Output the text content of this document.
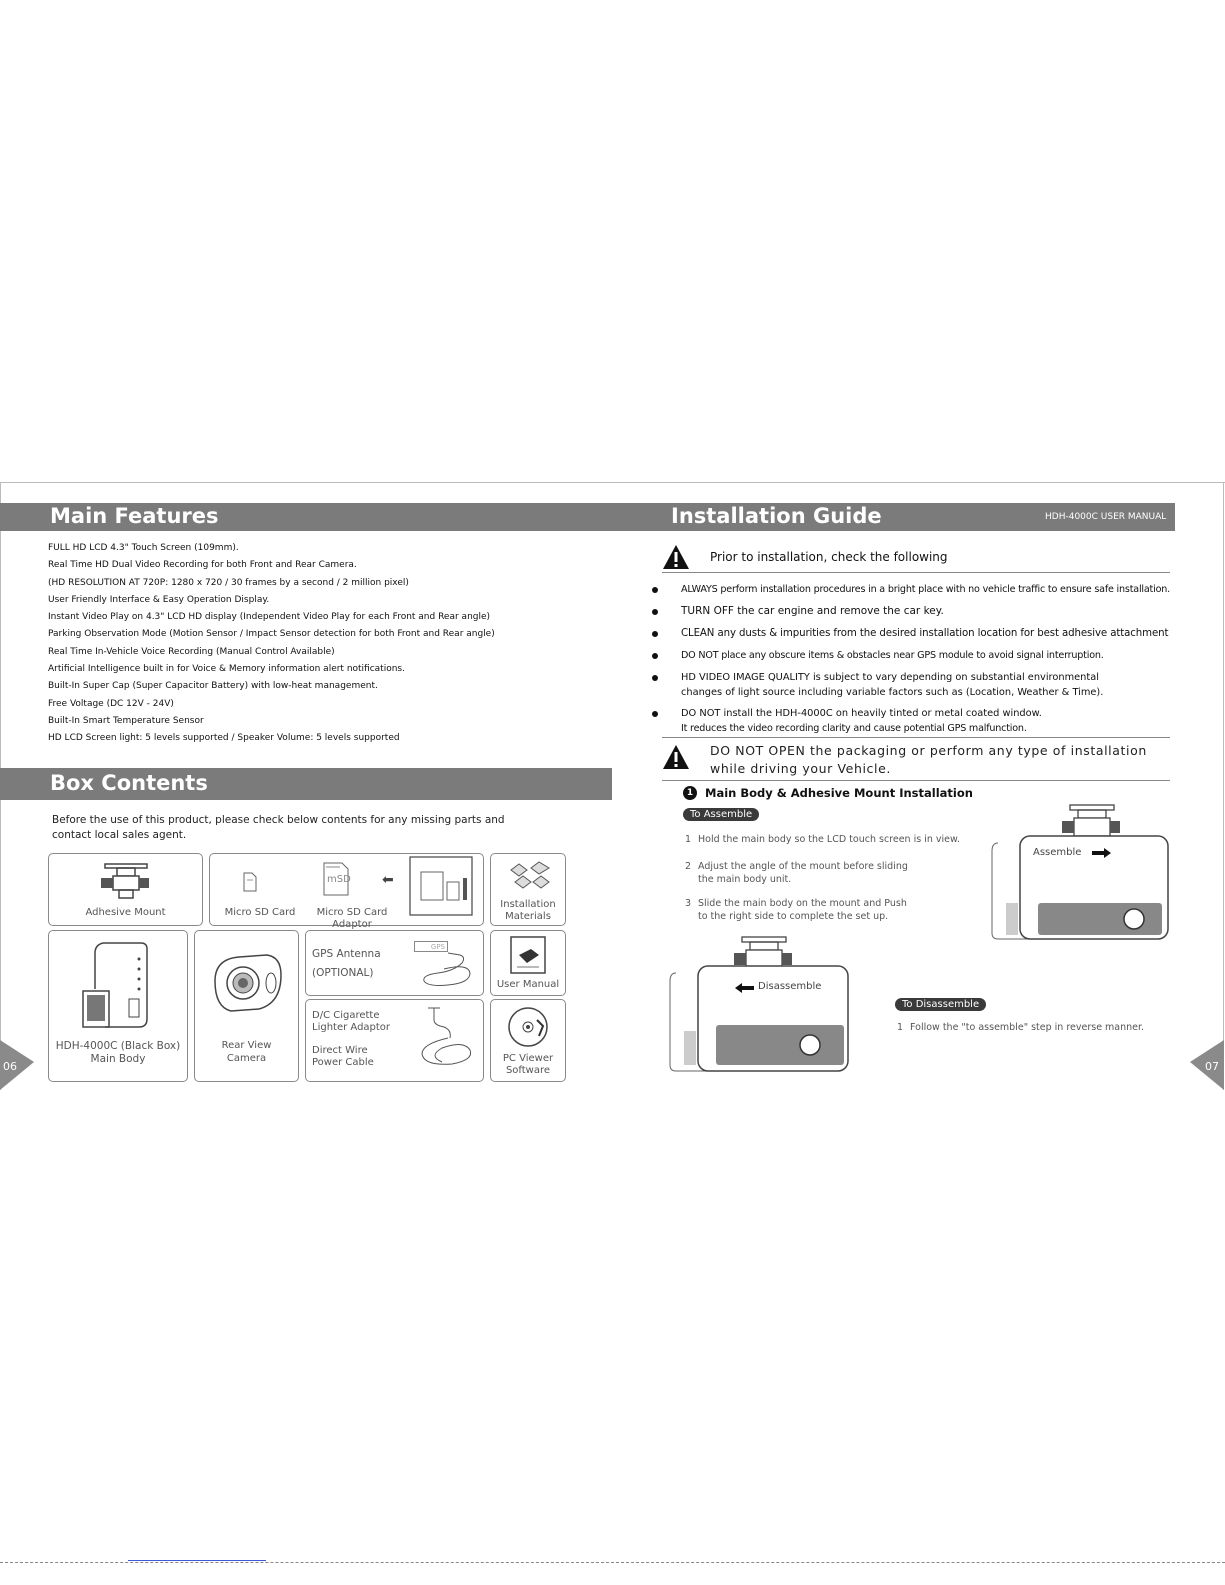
Main Features
FULL HD LCD 4.3" Touch Screen (109mm).
Real Time HD Dual Video Recording for both Front and Rear Camera.
(HD RESOLUTION AT 720P: 1280 x 720 / 30 frames by a second / 2 million pixel)
User Friendly Interface & Easy Operation Display.
Instant Video Play on 4.3" LCD HD display (Independent Video Play for each Front and Rear angle)
Parking Observation Mode (Motion Sensor / Impact Sensor detection for both Front and Rear angle)
Real Time In-Vehicle Voice Recording (Manual Control Available)
Artificial Intelligence built in for Voice & Memory information alert notifications.
Built-In Super Cap (Super Capacitor Battery) with low-heat management.
Free Voltage (DC 12V - 24V)
Built-In Smart Temperature Sensor
HD LCD Screen light: 5 levels supported / Speaker Volume: 5 levels supported
Box Contents
Before the use of this product, please check below contents for any missing parts and
contact local sales agent.
Adhesive Mount
mSD ⬅
Micro SD Card	Micro SD Card Adaptor
Installation
Materials
HDH-4000C (Black Box)
Main Body
Rear View
Camera
GPS Antenna
(OPTIONAL)
GPS
User Manual
D/C Cigarette
Lighter Adaptor
Direct Wire
Power Cable	PC Viewer
Software
06
Installation Guide	HDH-4000C USER MANUAL
Prior to installation, check the following
ALWAYS perform installation procedures in a bright place with no vehicle traffic to ensure safe installation.
TURN OFF the car engine and remove the car key.
CLEAN any dusts & impurities from the desired installation location for best adhesive attachment
DO NOT place any obscure items & obstacles near GPS module to avoid signal interruption.
HD VIDEO IMAGE QUALITY is subject to vary depending on substantial environmental
changes of light source including variable factors such as (Location, Weather & Time).
DO NOT install the HDH-4000C on heavily tinted or metal coated window.
It reduces the video recording clarity and cause potential GPS malfunction.
DO NOT OPEN the packaging or perform any type of installation
while driving your Vehicle.
1	Main Body & Adhesive Mount Installation
To Assemble
1 Hold the main body so the LCD touch screen is in view.
2 Adjust the angle of the mount before sliding
the main body unit.
3 Slide the main body on the mount and Push
to the right side to complete the set up.
Assemble
Disassemble
To Disassemble
1 Follow the "to assemble" step in reverse manner.
07
